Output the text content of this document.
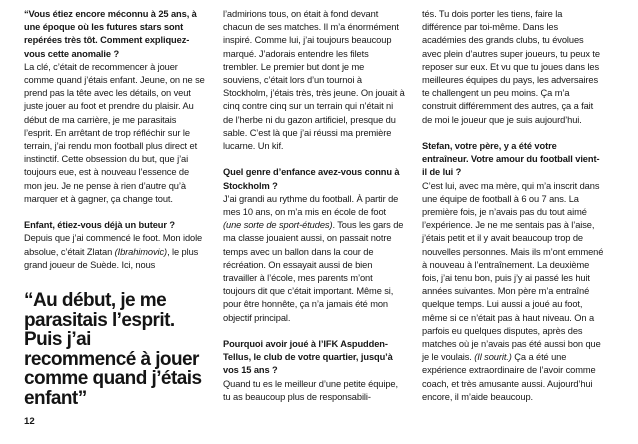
“Vous étiez encore méconnu à 25 ans, à une époque où les futures stars sont repérées très tôt. Comment expliquez-vous cette anomalie ?

La clé, c’était de recommencer à jouer comme quand j’étais enfant. Jeune, on ne se prend pas la tête avec les détails, on veut juste jouer au foot et prendre du plaisir. Au début de ma carrière, je me parasitais l’esprit. En arrêtant de trop réfléchir sur le terrain, j’ai rendu mon football plus direct et instinctif. Cette obsession du but, que j’ai toujours eue, est à nouveau l’essence de mon jeu. Je ne pense à rien d’autre qu’à marquer et à gagner, ça change tout.

Enfant, étiez-vous déjà un buteur ?

Depuis que j’ai commencé le foot. Mon idole absolue, c’était Zlatan (Ibrahimovic), le plus grand joueur de Suède. Ici, nous

“Au début, je me parasitais l’esprit. Puis j’ai recommencé à jouer comme quand j’étais enfant”

12

l’admirions tous, on était à fond devant chacun de ses matches. Il m’a énormément inspiré. Comme lui, j’ai toujours beaucoup marqué. J’adorais entendre les filets trembler. Le premier but dont je me souviens, c’était lors d’un tournoi à Stockholm, j’étais très, très jeune. On jouait à cinq contre cinq sur un terrain qui n’était ni de l’herbe ni du gazon artificiel, presque du sable. C’est là que j’ai réussi ma première lucarne. Un kif.

Quel genre d’enfance avez-vous connu à Stockholm ?

J’ai grandi au rythme du football. À partir de mes 10 ans, on m’a mis en école de foot (une sorte de sport-études). Tous les gars de ma classe jouaient aussi, on passait notre temps avec un ballon dans la cour de récréation. On essayait aussi de bien travailler à l’école, mes parents m’ont toujours dit que c’était important. Même si, pour être honnête, ça n’a jamais été mon objectif principal.

Pourquoi avoir joué à l’IFK Aspudden-Tellus, le club de votre quartier, jusqu’à vos 15 ans ?

Quand tu es le meilleur d’une petite équipe, tu as beaucoup plus de responsabili-

tés. Tu dois porter les tiens, faire la différence par toi-même. Dans les académies des grands clubs, tu évolues avec plein d’autres super joueurs, tu peux te reposer sur eux. Et vu que tu joues dans les meilleures équipes du pays, les adversaires te challengent un peu moins. Ça m’a construit différemment des autres, ça a fait de moi le joueur que je suis aujourd’hui.

Stefan, votre père, y a été votre entraîneur. Votre amour du football vient-il de lui ?

C’est lui, avec ma mère, qui m’a inscrit dans une équipe de football à 6 ou 7 ans. La première fois, je n’avais pas du tout aimé l’expérience. Je ne me sentais pas à l’aise, j’étais petit et il y avait beaucoup trop de nouvelles personnes. Mais ils m’ont emmené à nouveau à l’entraînement. La deuxième fois, j’ai tenu bon, puis j’y ai passé les huit années suivantes. Mon père m’a entraîné quelque temps. Lui aussi a joué au foot, même si ce n’était pas à haut niveau. On a parfois eu quelques disputes, après des matches où je n’avais pas été aussi bon que je le voulais. (Il sourit.) Ça a été une expérience extraordinaire de l’avoir comme coach, et très amusante aussi. Aujourd’hui encore, il m’aide beaucoup.
